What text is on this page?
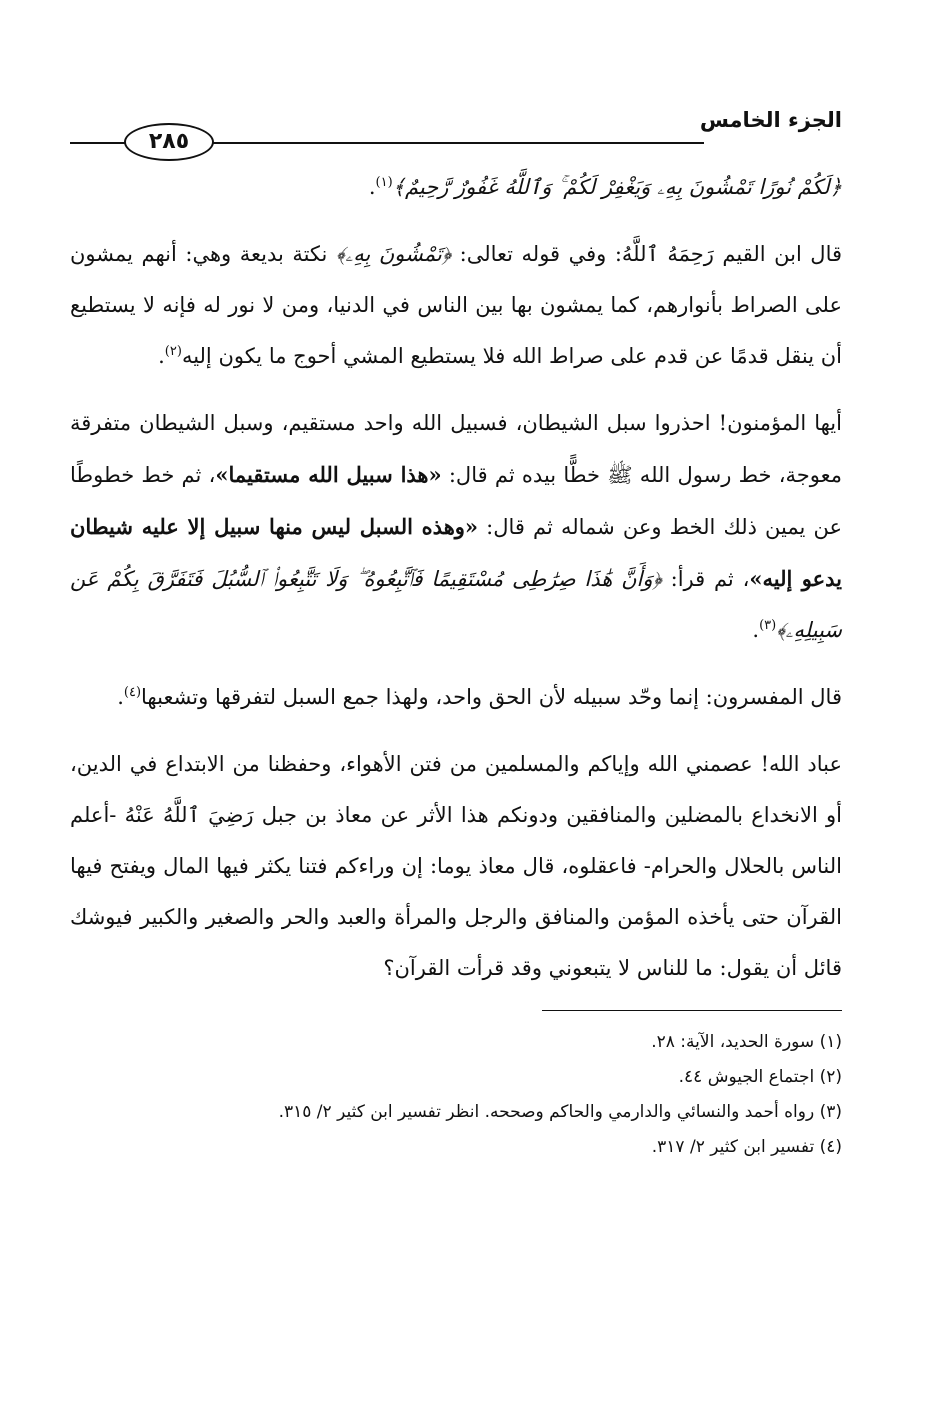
الجزء الخامس
٢٨٥

﴿لَكُمْ نُورًا تَمْشُونَ بِهِۦ وَيَغْفِرْ لَكُمْ ۚ وَٱللَّهُ غَفُورٌ رَّحِيمٌ﴾$^{(١)}$.

قال ابن القيم رَحِمَهُ ٱللَّهُ: وفي قوله تعالى: ﴿تَمْشُونَ بِهِۦ﴾ نكتة بديعة وهي: أنهم يمشون على الصراط بأنوارهم، كما يمشون بها بين الناس في الدنيا، ومن لا نور له فإنه لا يستطيع أن ينقل قدمًا عن قدم على صراط الله فلا يستطيع المشي أحوج ما يكون إليه$^{(٢)}$.

أيها المؤمنون! احذروا سبل الشيطان، فسبيل الله واحد مستقيم، وسبل الشيطان متفرقة معوجة، خط رسول الله ﷺ خطًّا بيده ثم قال: «هذا سبيل الله مستقيما»، ثم خط خطوطًا عن يمين ذلك الخط وعن شماله ثم قال: «وهذه السبل ليس منها سبيل إلا عليه شيطان يدعو إليه»، ثم قرأ: ﴿وَأَنَّ هَٰذَا صِرَٰطِى مُسْتَقِيمًا فَٱتَّبِعُوهُ ۖ وَلَا تَتَّبِعُوا۟ ٱلسُّبُلَ فَتَفَرَّقَ بِكُمْ عَن سَبِيلِهِۦ﴾$^{(٣)}$.

قال المفسرون: إنما وحّد سبيله لأن الحق واحد، ولهذا جمع السبل لتفرقها وتشعبها$^{(٤)}$.

عباد الله! عصمني الله وإياكم والمسلمين من فتن الأهواء، وحفظنا من الابتداع في الدين، أو الانخداع بالمضلين والمنافقين ودونكم هذا الأثر عن معاذ بن جبل رَضِيَ ٱللَّهُ عَنْهُ -أعلم الناس بالحلال والحرام- فاعقلوه، قال معاذ يوما: إن وراءكم فتنا يكثر فيها المال ويفتح فيها القرآن حتى يأخذه المؤمن والمنافق والرجل والمرأة والعبد والحر والصغير والكبير فيوشك قائل أن يقول: ما للناس لا يتبعوني وقد قرأت القرآن؟

(١) سورة الحديد، الآية: ٢٨.
(٢) اجتماع الجيوش ٤٤.
(٣) رواه أحمد والنسائي والدارمي والحاكم وصححه. انظر تفسير ابن كثير ٢/ ٣١٥.
(٤) تفسير ابن كثير ٢/ ٣١٧.
